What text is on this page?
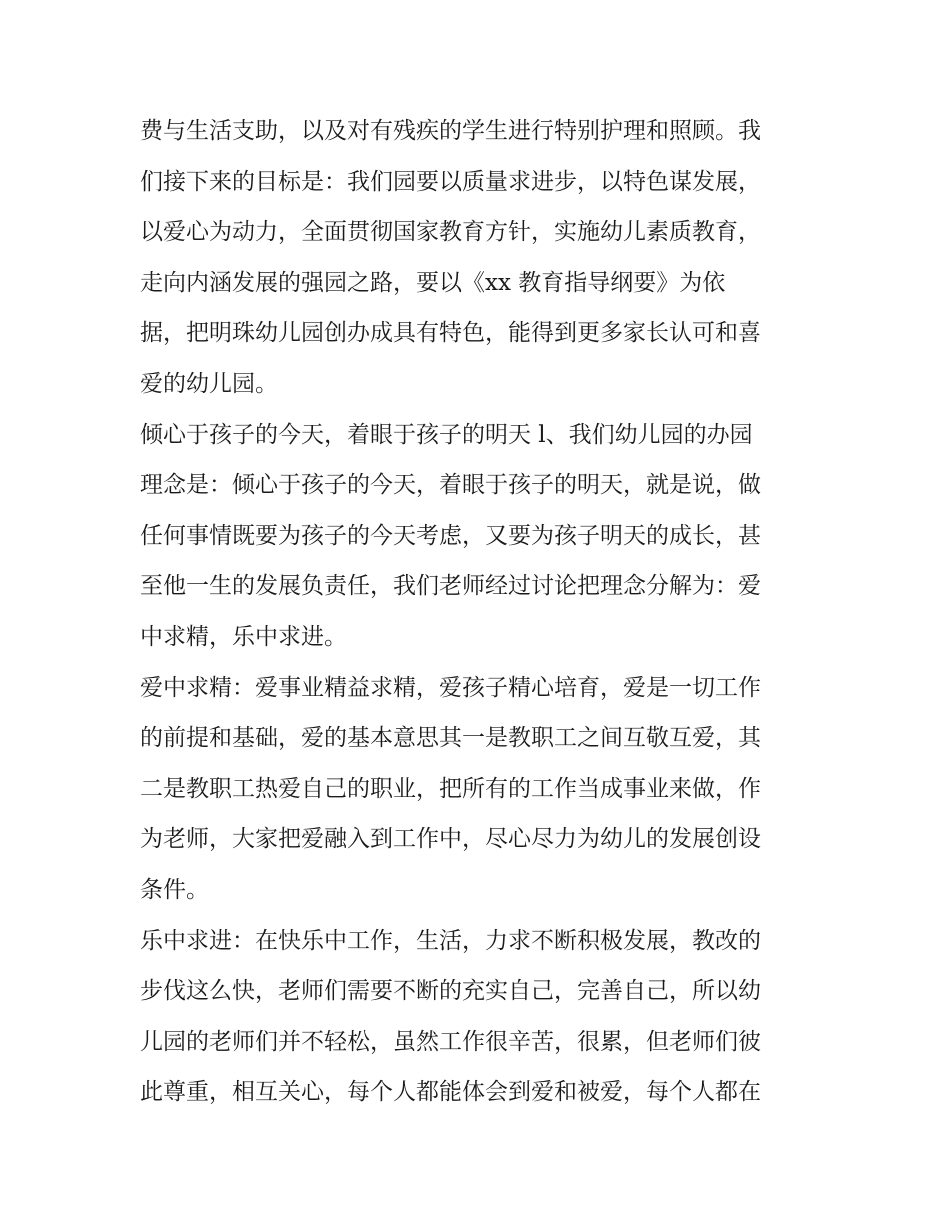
费与生活支助，以及对有残疾的学生进行特别护理和照顾。我
们接下来的目标是：我们园要以质量求进步，以特色谋发展，
以爱心为动力，全面贯彻国家教育方针，实施幼儿素质教育，
走向内涵发展的强园之路，要以《xx 教育指导纲要》为依
据，把明珠幼儿园创办成具有特色，能得到更多家长认可和喜
爱的幼儿园。
倾心于孩子的今天，着眼于孩子的明天 l、我们幼儿园的办园
理念是：倾心于孩子的今天，着眼于孩子的明天，就是说，做
任何事情既要为孩子的今天考虑，又要为孩子明天的成长，甚
至他一生的发展负责任，我们老师经过讨论把理念分解为：爱
中求精，乐中求进。
爱中求精：爱事业精益求精，爱孩子精心培育，爱是一切工作
的前提和基础，爱的基本意思其一是教职工之间互敬互爱，其
二是教职工热爱自己的职业，把所有的工作当成事业来做，作
为老师，大家把爱融入到工作中，尽心尽力为幼儿的发展创设
条件。
乐中求进：在快乐中工作，生活，力求不断积极发展，教改的
步伐这么快，老师们需要不断的充实自己，完善自己，所以幼
儿园的老师们并不轻松，虽然工作很辛苦，很累，但老师们彼
此尊重，相互关心，每个人都能体会到爱和被爱，每个人都在
